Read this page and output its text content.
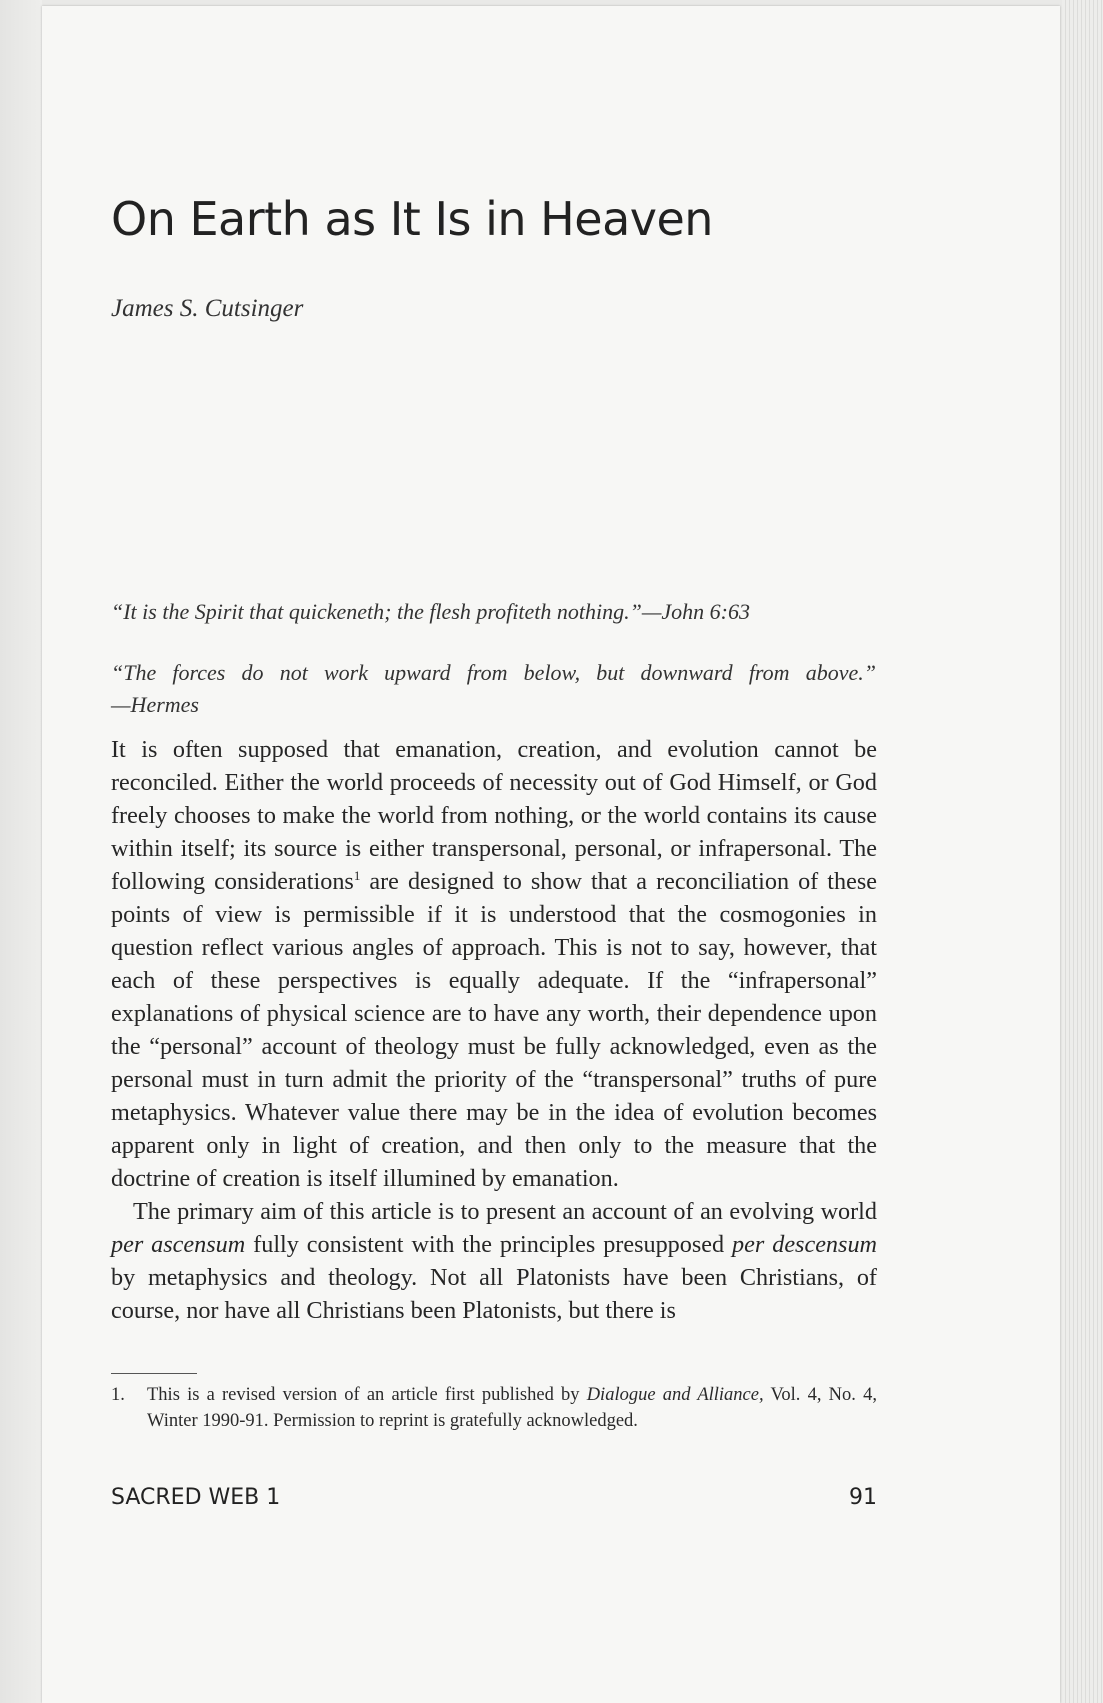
On Earth as It Is in Heaven
James S. Cutsinger
“It is the Spirit that quickeneth; the flesh profiteth nothing.”—John 6:63
“The forces do not work upward from below, but downward from above.”
—Hermes

It is often supposed that emanation, creation, and evolution cannot be reconciled. Either the world proceeds of necessity out of God Himself, or God freely chooses to make the world from nothing, or the world contains its cause within itself; its source is either transpersonal, personal, or infrapersonal. The following considerations$^1$ are designed to show that a reconciliation of these points of view is permissible if it is understood that the cosmogonies in question reflect various angles of approach. This is not to say, however, that each of these perspectives is equally adequate. If the “infrapersonal” explanations of physical science are to have any worth, their dependence upon the “personal” account of theology must be fully acknowledged, even as the personal must in turn admit the priority of the “transpersonal” truths of pure metaphysics. Whatever value there may be in the idea of evolution becomes apparent only in light of creation, and then only to the measure that the doctrine of creation is itself illumined by emanation.

The primary aim of this article is to present an account of an evolving world per ascensum fully consistent with the principles presupposed per descensum by metaphysics and theology. Not all Platonists have been Christians, of course, nor have all Christians been Platonists, but there is

1. This is a revised version of an article first published by Dialogue and Alliance, Vol. 4, No. 4, Winter 1990-91. Permission to reprint is gratefully acknowledged.
SACRED WEB 1	91
